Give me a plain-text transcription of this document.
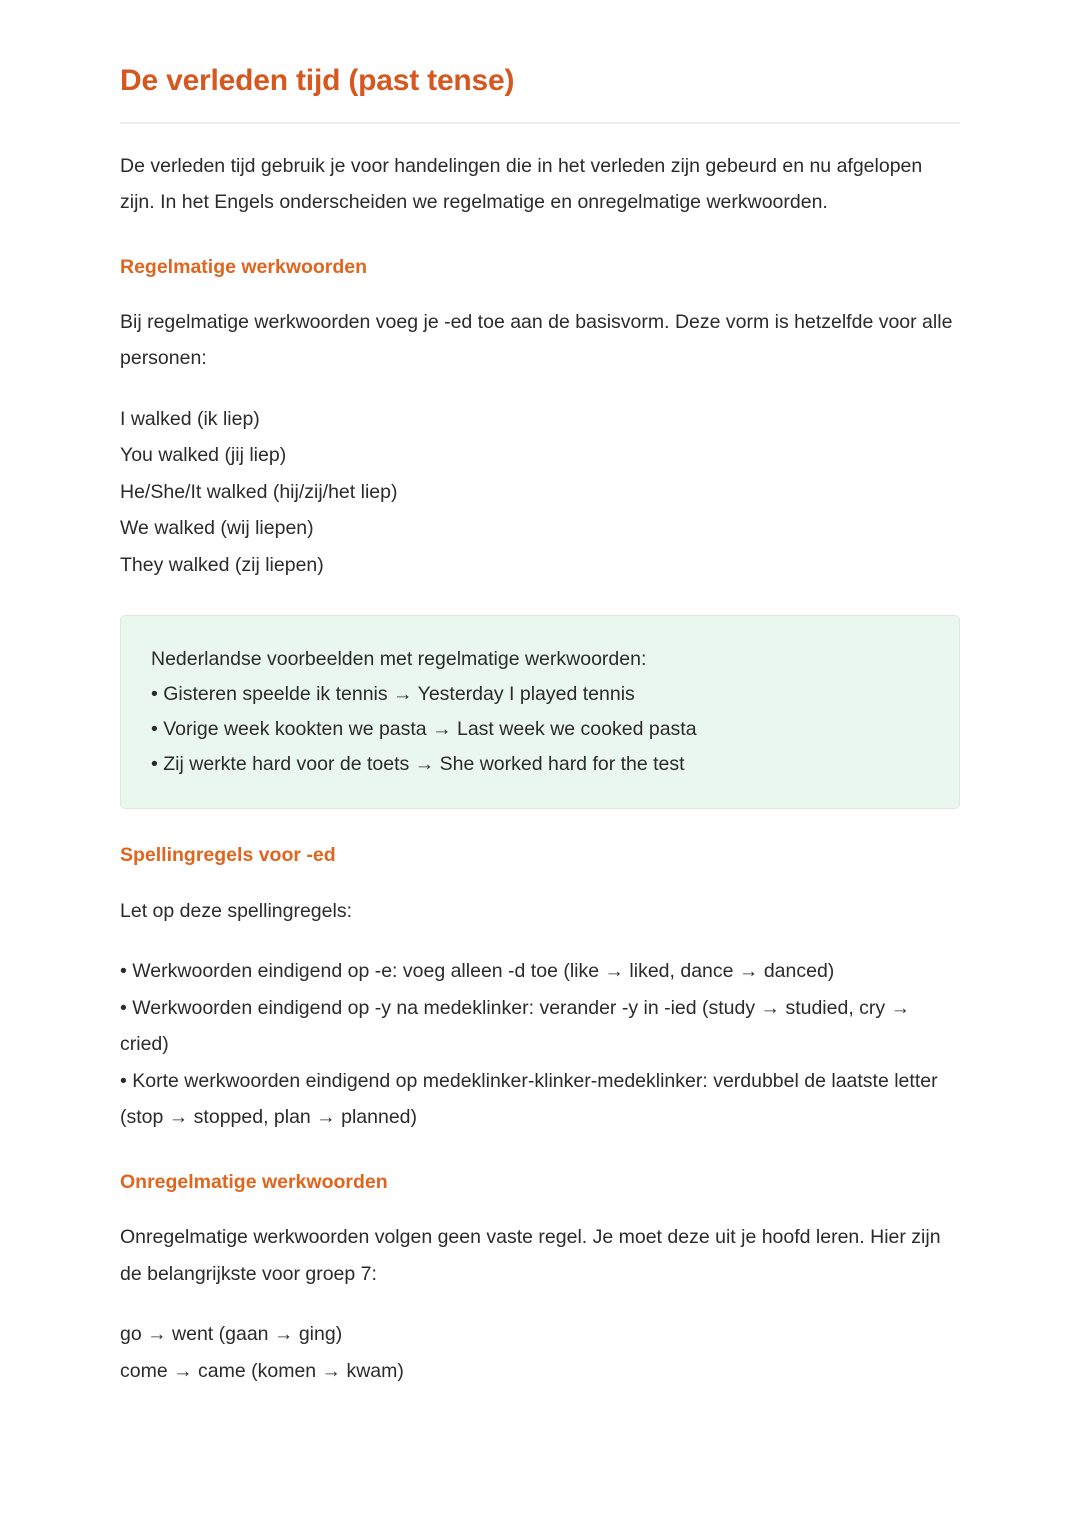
De verleden tijd (past tense)

De verleden tijd gebruik je voor handelingen die in het verleden zijn gebeurd en nu afgelopen zijn. In het Engels onderscheiden we regelmatige en onregelmatige werkwoorden.

Regelmatige werkwoorden

Bij regelmatige werkwoorden voeg je -ed toe aan de basisvorm. Deze vorm is hetzelfde voor alle personen:

I walked (ik liep)
You walked (jij liep)
He/She/It walked (hij/zij/het liep)
We walked (wij liepen)
They walked (zij liepen)
Nederlandse voorbeelden met regelmatige werkwoorden:
• Gisteren speelde ik tennis → Yesterday I played tennis
• Vorige week kookten we pasta → Last week we cooked pasta
• Zij werkte hard voor de toets → She worked hard for the test
Spellingregels voor -ed

Let op deze spellingregels:

• Werkwoorden eindigend op -e: voeg alleen -d toe (like → liked, dance → danced)
• Werkwoorden eindigend op -y na medeklinker: verander -y in -ied (study → studied, cry → cried)
• Korte werkwoorden eindigend op medeklinker-klinker-medeklinker: verdubbel de laatste letter (stop → stopped, plan → planned)
Onregelmatige werkwoorden

Onregelmatige werkwoorden volgen geen vaste regel. Je moet deze uit je hoofd leren. Hier zijn de belangrijkste voor groep 7:

go → went (gaan → ging)
come → came (komen → kwam)
